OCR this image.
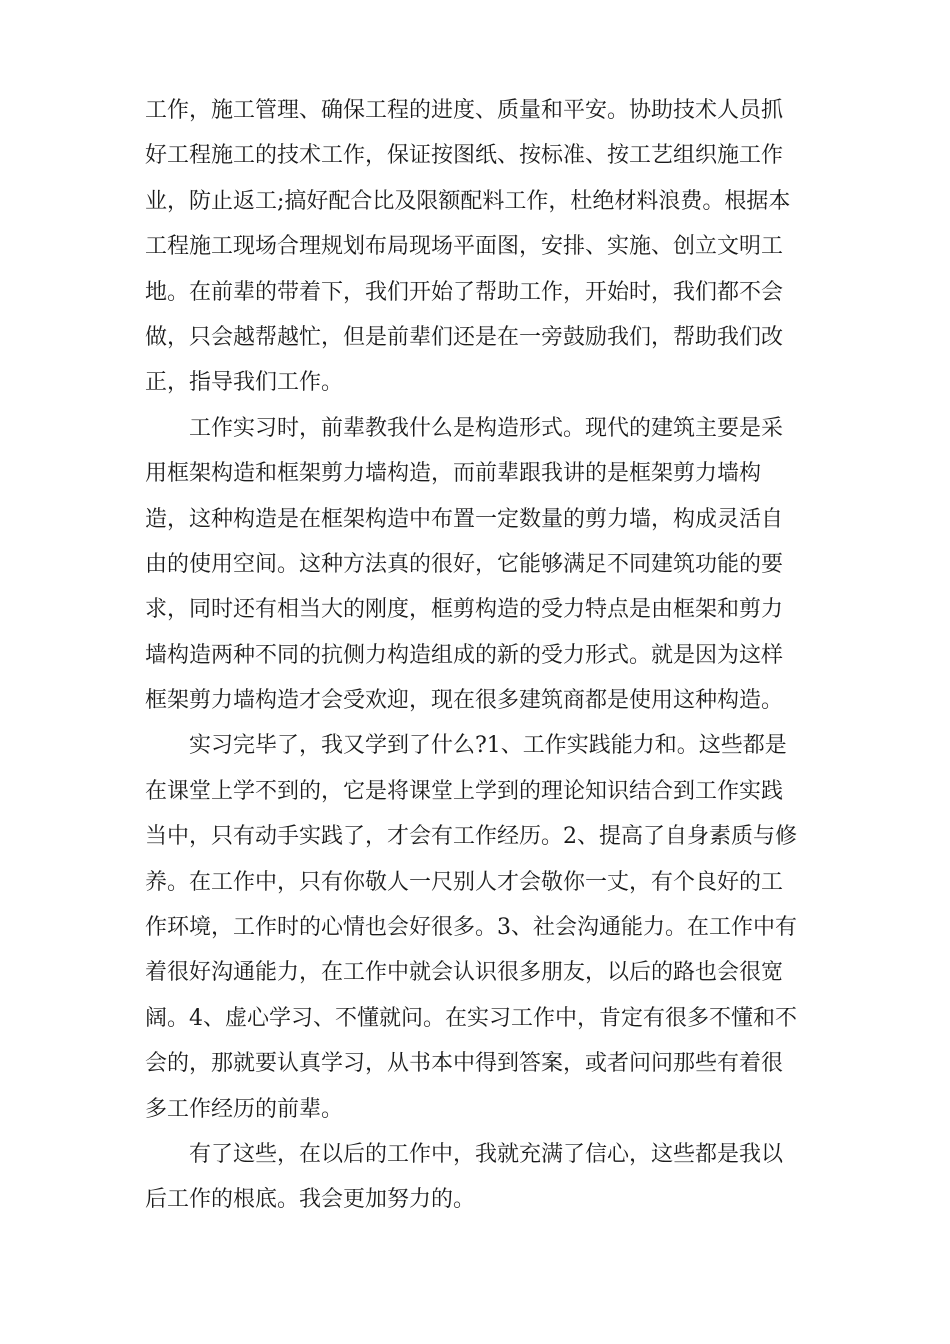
工作，施工管理、确保工程的进度、质量和平安。协助技术人员抓
好工程施工的技术工作，保证按图纸、按标准、按工艺组织施工作
业，防止返工;搞好配合比及限额配料工作，杜绝材料浪费。根据本
工程施工现场合理规划布局现场平面图，安排、实施、创立文明工
地。在前辈的带着下，我们开始了帮助工作，开始时，我们都不会
做，只会越帮越忙，但是前辈们还是在一旁鼓励我们，帮助我们改
正，指导我们工作。
工作实习时，前辈教我什么是构造形式。现代的建筑主要是采
用框架构造和框架剪力墙构造，而前辈跟我讲的是框架剪力墙构
造，这种构造是在框架构造中布置一定数量的剪力墙，构成灵活自
由的使用空间。这种方法真的很好，它能够满足不同建筑功能的要
求，同时还有相当大的刚度，框剪构造的受力特点是由框架和剪力
墙构造两种不同的抗侧力构造组成的新的受力形式。就是因为这样
框架剪力墙构造才会受欢迎，现在很多建筑商都是使用这种构造。
实习完毕了，我又学到了什么?1、工作实践能力和。这些都是
在课堂上学不到的，它是将课堂上学到的理论知识结合到工作实践
当中，只有动手实践了，才会有工作经历。2、提高了自身素质与修
养。在工作中，只有你敬人一尺别人才会敬你一丈，有个良好的工
作环境，工作时的心情也会好很多。3、社会沟通能力。在工作中有
着很好沟通能力，在工作中就会认识很多朋友，以后的路也会很宽
阔。4、虚心学习、不懂就问。在实习工作中，肯定有很多不懂和不
会的，那就要认真学习，从书本中得到答案，或者问问那些有着很
多工作经历的前辈。
有了这些，在以后的工作中，我就充满了信心，这些都是我以
后工作的根底。我会更加努力的。
